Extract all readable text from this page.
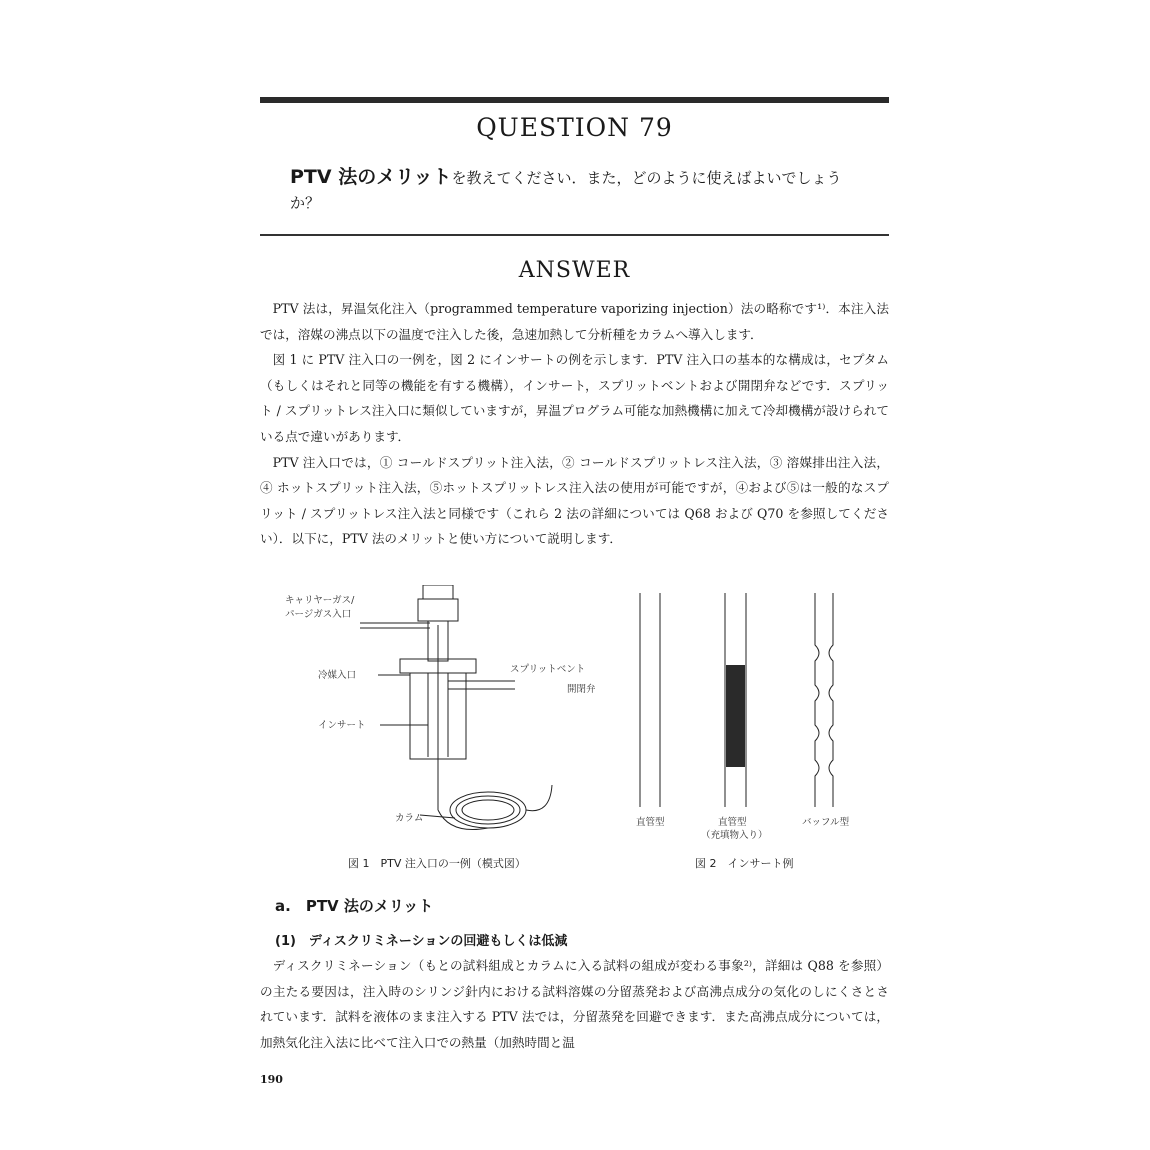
QUESTION 79
PTV 法のメリットを教えてください．また，どのように使えばよいでしょうか？
ANSWER

PTV 法は，昇温気化注入（programmed temperature vaporizing injection）法の略称です¹⁾．本注入法では，溶媒の沸点以下の温度で注入した後，急速加熱して分析種をカラムへ導入します．

図 1 に PTV 注入口の一例を，図 2 にインサートの例を示します．PTV 注入口の基本的な構成は，セプタム（もしくはそれと同等の機能を有する機構），インサート，スプリットベントおよび開閉弁などです．スプリット / スプリットレス注入口に類似していますが，昇温プログラム可能な加熱機構に加えて冷却機構が設けられている点で違いがあります．

PTV 注入口では，① コールドスプリット注入法，② コールドスプリットレス注入法，③ 溶媒排出注入法，④ ホットスプリット注入法，⑤ホットスプリットレス注入法の使用が可能ですが，④および⑤は一般的なスプリット / スプリットレス注入法と同様です（これら 2 法の詳細については Q68 および Q70 を参照してください）．以下に，PTV 法のメリットと使い方について説明します．

キャリヤーガス/
パージガス入口
冷媒入口
スプリットベント
開閉弁
インサート
カラム
図 1　PTV 注入口の一例（模式図）
直管型	直管型
（充填物入り）
バッフル型
図 2　インサート例
a.　PTV 法のメリット
(1)　ディスクリミネーションの回避もしくは低減

ディスクリミネーション（もとの試料組成とカラムに入る試料の組成が変わる事象²⁾，詳細は Q88 を参照）の主たる要因は，注入時のシリンジ針内における試料溶媒の分留蒸発および高沸点成分の気化のしにくさとされています．試料を液体のまま注入する PTV 法では，分留蒸発を回避できます．また高沸点成分については，加熱気化注入法に比べて注入口での熱量（加熱時間と温

190
